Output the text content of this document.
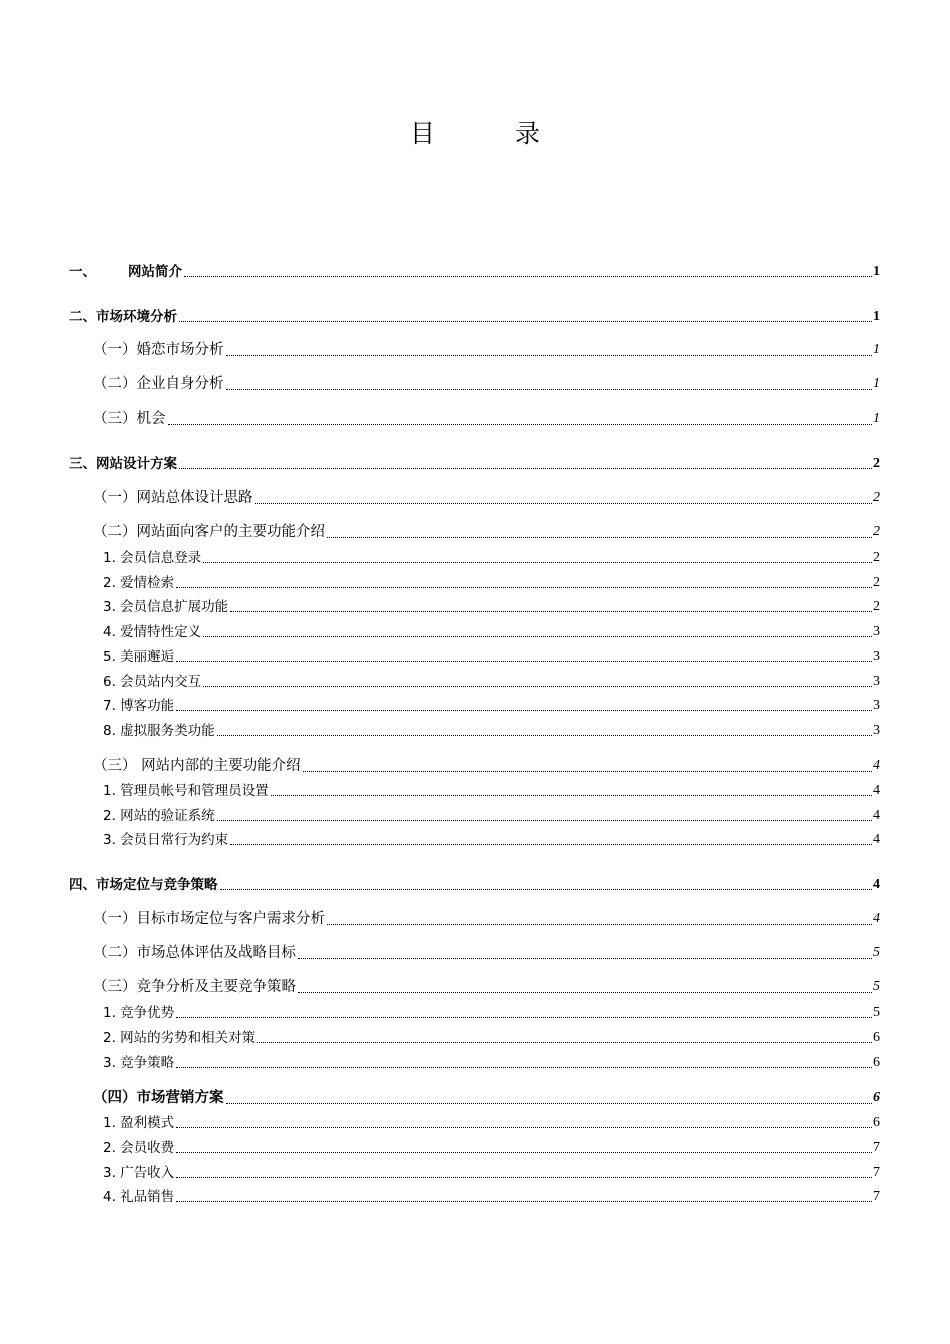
目 录
一、 网站简介	1
二、市场环境分析	1
（一）婚恋市场分析	1
（二）企业自身分析	1
（三）机会	1
三、网站设计方案	2
（一）网站总体设计思路	2
（二）网站面向客户的主要功能介绍	2
1. 会员信息登录	2
2. 爱情检索	2
3. 会员信息扩展功能	2
4. 爱情特性定义	3
5. 美丽邂逅	3
6. 会员站内交互	3
7. 博客功能	3
8. 虚拟服务类功能	3
（三） 网站内部的主要功能介绍	4
1. 管理员帐号和管理员设置	4
2. 网站的验证系统	4
3. 会员日常行为约束	4
四、市场定位与竞争策略	4
（一）目标市场定位与客户需求分析	4
（二）市场总体评估及战略目标	5
（三）竞争分析及主要竞争策略	5
1. 竞争优势	5
2. 网站的劣势和相关对策	6
3. 竞争策略	6
（四）市场营销方案	6
1. 盈利模式	6
2. 会员收费	7
3. 广告收入	7
4. 礼品销售	7
